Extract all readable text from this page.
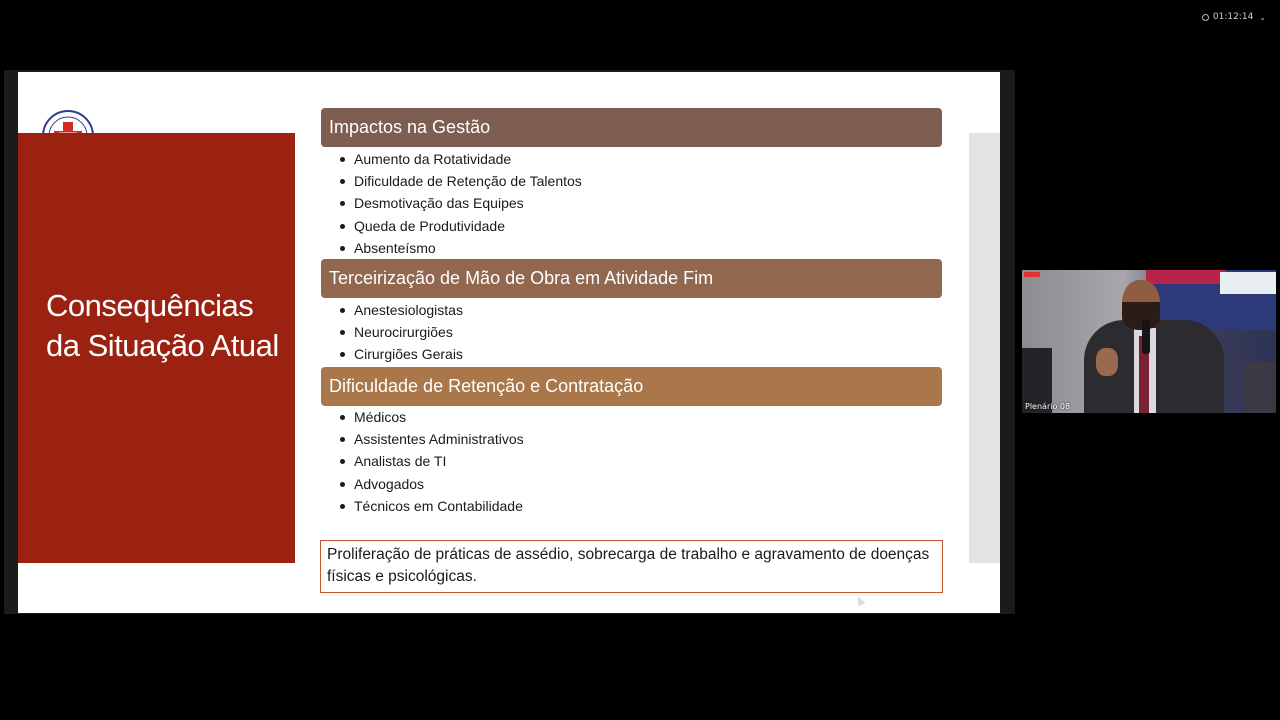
01:12:14 ⌄
Consequências da Situação Atual
Impactos na Gestão
Aumento da Rotatividade
Dificuldade de Retenção de Talentos
Desmotivação das Equipes
Queda de Produtividade
Absenteísmo
Terceirização de Mão de Obra em Atividade Fim
Anestesiologistas
Neurocirurgiões
Cirurgiões Gerais
Dificuldade de Retenção e Contratação
Médicos
Assistentes Administrativos
Analistas de TI
Advogados
Técnicos em Contabilidade
Proliferação de práticas de assédio, sobrecarga de trabalho e agravamento de doenças físicas e psicológicas.
Plenário 08
